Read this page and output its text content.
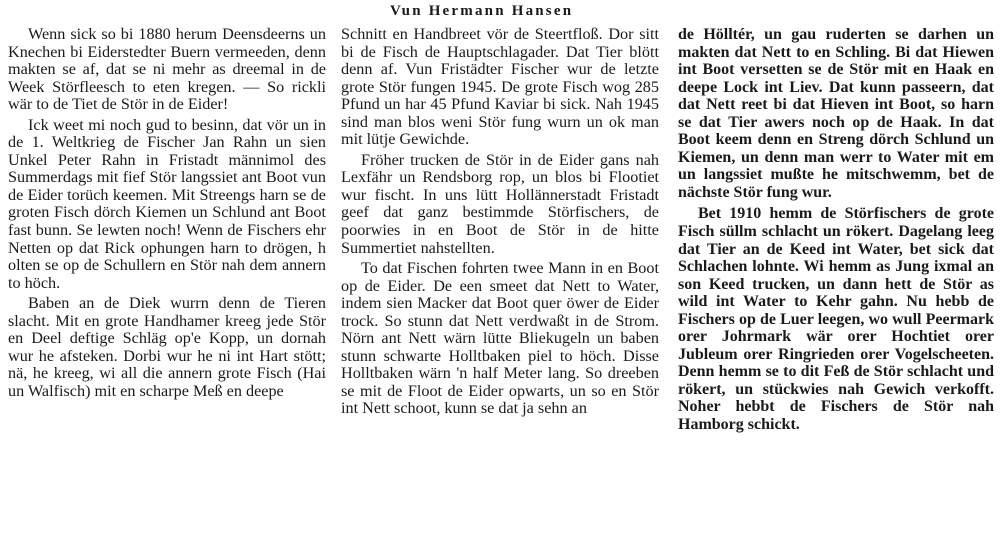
Vun Hermann Hansen

Wenn sick so bi 1880 herum Deensdeerns un Knechen bi Eiderstedter Buern vermeeden, denn makten se af, dat se ni mehr as dreemal in de Week Störfleesch to eten kregen. — So rickli wär to de Tiet de Stör in de Eider!

Ick weet mi noch gud to besinn, dat vör un in de 1. Weltkrieg de Fischer Jan Rahn un sien Unkel Peter Rahn in Fristadt männimol des Summerdags mit fief Stör langssiet ant Boot vun de Eider torüch keemen. Mit Streengs harn se de groten Fisch dörch Kiemen un Schlund ant Boot fast bunn. Se lewten noch! Wenn de Fischers ehr Netten op dat Rick ophungen harn to drögen, h olten se op de Schullern en Stör nah dem annern to höch.

Baben an de Diek wurrn denn de Tieren slacht. Mit en grote Handhamer kreeg jede Stör en Deel deftige Schläg op'e Kopp, un dornah wur he afsteken. Dorbi wur he ni int Hart stött; nä, he kreeg, wi all die annern grote Fisch (Hai un Walfisch) mit en scharpe Meß en deepe

Schnitt en Handbreet vör de Steertfloß. Dor sitt bi de Fisch de Hauptschlagader. Dat Tier blött denn af. Vun Fristädter Fischer wur de letzte grote Stör fungen 1945. De grote Fisch wog 285 Pfund un har 45 Pfund Kaviar bi sick. Nah 1945 sind man blos weni Stör fung wurn un ok man mit lütje Gewichde.

Fröher trucken de Stör in de Eider gans nah Lexfähr un Rendsborg rop, un blos bi Flootiet wur fischt. In uns lütt Hollännerstadt Fristadt geef dat ganz bestimmde Störfischers, de poorwies in en Boot de Stör in de hitte Summertiet nahstellten.

To dat Fischen fohrten twee Mann in en Boot op de Eider. De een smeet dat Nett to Water, indem sien Macker dat Boot quer öwer de Eider trock. So stunn dat Nett verdwaßt in de Strom. Nörn ant Nett wärn lütte Bliekugeln un baben stunn schwarte Holltbaken piel to höch. Disse Holltbaken wärn 'n half Meter lang. So dreeben se mit de Floot de Eider opwarts, un so en Stör int Nett schoot, kunn se dat ja sehn an

de Hölltér, un gau ruderten se darhen un makten dat Nett to en Schling. Bi dat Hiewen int Boot versetten se de Stör mit en Haak en deepe Lock int Liev. Dat kunn passeern, dat dat Nett reet bi dat Hieven int Boot, so harn se dat Tier awers noch op de Haak. In dat Boot keem denn en Streng dörch Schlund un Kiemen, un denn man werr to Water mit em un langssiet mußte he mitschwemm, bet de nächste Stör fung wur.

Bet 1910 hemm de Störfischers de grote Fisch süllm schlacht un rökert. Dagelang leeg dat Tier an de Keed int Water, bet sick dat Schlachen lohnte. Wi hemm as Jung ixmal an son Keed trucken, un dann hett de Stör as wild int Water to Kehr gahn. Nu hebb de Fischers op de Luer leegen, wo wull Peermark orer Johrmark wär orer Hochtiet orer Jubleum orer Ringrieden orer Vogelscheeten. Denn hemm se to dit Feß de Stör schlacht und rökert, un stückwies nah Gewich verkofft. Noher hebbt de Fischers de Stör nah Hamborg schickt.
